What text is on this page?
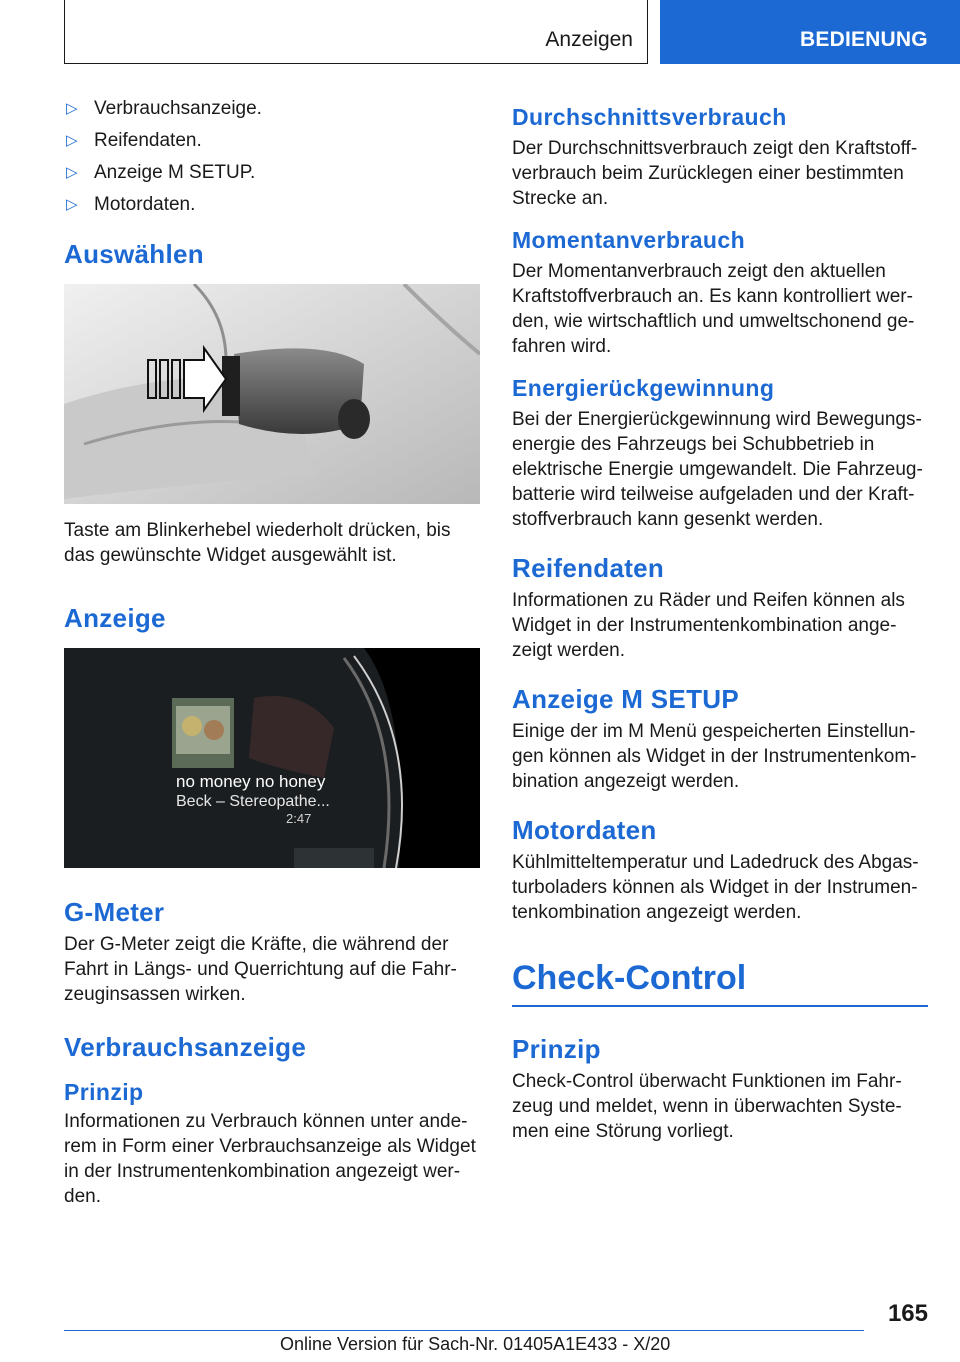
Anzeigen	BEDIENUNG
▷ Verbrauchsanzeige.
▷ Reifendaten.
▷ Anzeige M SETUP.
▷ Motordaten.
Auswählen

Taste am Blinkerhebel wiederholt drücken, bis das gewünschte Widget ausgewählt ist.

Anzeige
no money no honey
Beck – Stereopathe...
2:47
G-Meter

Der G-Meter zeigt die Kräfte, die während der Fahrt in Längs- und Querrichtung auf die Fahr-zeuginsassen wirken.

Verbrauchsanzeige
Prinzip

Informationen zu Verbrauch können unter ande-rem in Form einer Verbrauchsanzeige als Widget in der Instrumentenkombination angezeigt wer-den.

Durchschnittsverbrauch

Der Durchschnittsverbrauch zeigt den Kraftstoff-verbrauch beim Zurücklegen einer bestimmten Strecke an.

Momentanverbrauch

Der Momentanverbrauch zeigt den aktuellen Kraftstoffverbrauch an. Es kann kontrolliert wer-den, wie wirtschaftlich und umweltschonend ge-fahren wird.

Energierückgewinnung

Bei der Energierückgewinnung wird Bewegungs-energie des Fahrzeugs bei Schubbetrieb in elektrische Energie umgewandelt. Die Fahrzeug-batterie wird teilweise aufgeladen und der Kraft-stoffverbrauch kann gesenkt werden.

Reifendaten

Informationen zu Räder und Reifen können als Widget in der Instrumentenkombination ange-zeigt werden.

Anzeige M SETUP

Einige der im M Menü gespeicherten Einstellun-gen können als Widget in der Instrumentenkom-bination angezeigt werden.

Motordaten

Kühlmitteltemperatur und Ladedruck des Abgas-turboladers können als Widget in der Instrumen-tenkombination angezeigt werden.

Check-Control
Prinzip

Check-Control überwacht Funktionen im Fahr-zeug und meldet, wenn in überwachten Syste-men eine Störung vorliegt.

165
Online Version für Sach-Nr. 01405A1E433 - X/20
